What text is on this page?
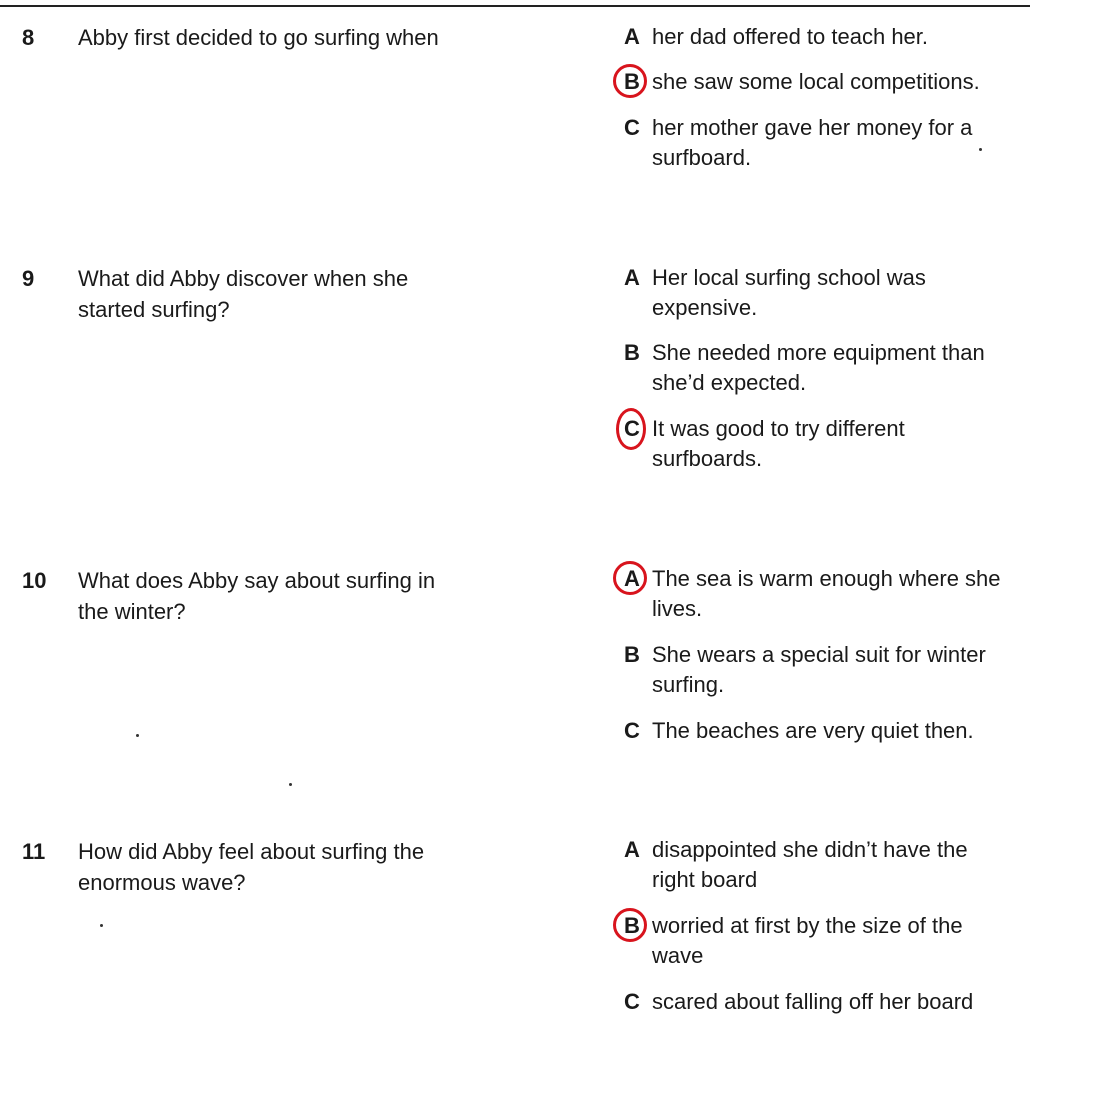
8	Abby first decided to go surfing when	A her dad offered to teach her.
B she saw some local competitions.
C her mother gave her money for a surfboard.
9	What did Abby discover when she started surfing?
A Her local surfing school was expensive.
B She needed more equipment than she’d expected.
C It was good to try different surfboards.
10	What does Abby say about surfing in the winter?
A The sea is warm enough where she lives.
B She wears a special suit for winter surfing.
C The beaches are very quiet then.
11	How did Abby feel about surfing the enormous wave?
A disappointed she didn’t have the right board
B worried at first by the size of the wave
C scared about falling off her board
